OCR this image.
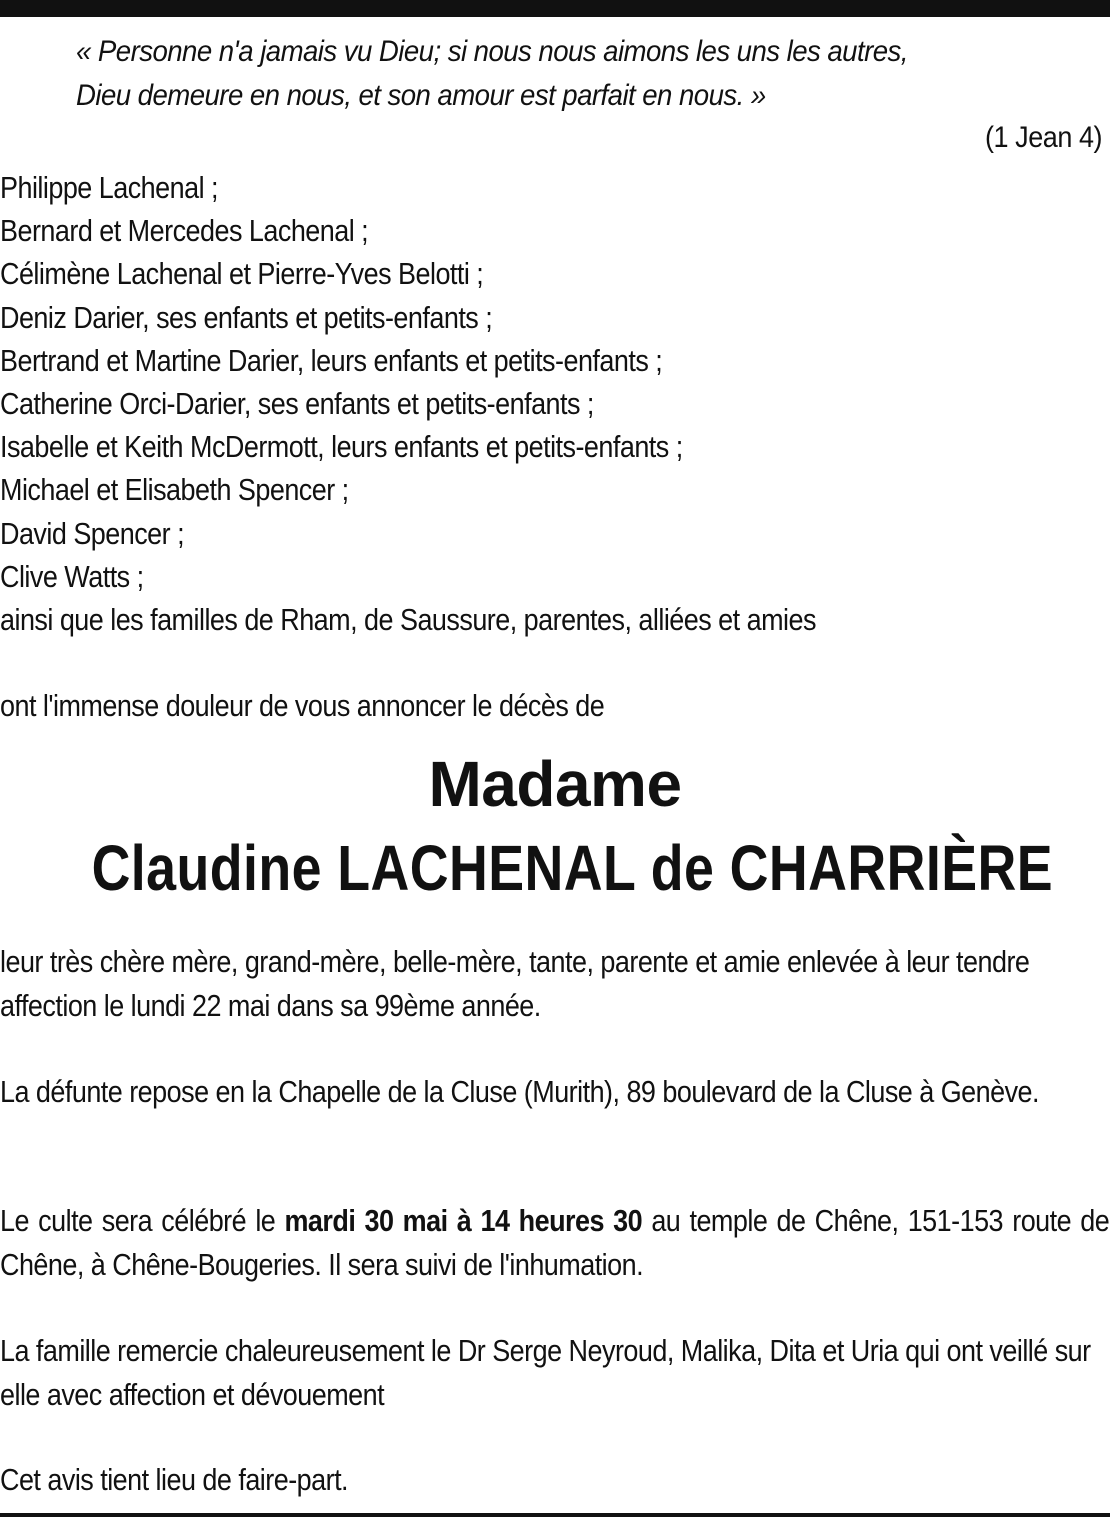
« Personne n'a jamais vu Dieu; si nous nous aimons les uns les autres,
Dieu demeure en nous, et son amour est parfait en nous. »
(1 Jean 4)
Philippe Lachenal ;
Bernard et Mercedes Lachenal ;
Célimène Lachenal et Pierre-Yves Belotti ;
Deniz Darier, ses enfants et petits-enfants ;
Bertrand et Martine Darier, leurs enfants et petits-enfants ;
Catherine Orci-Darier, ses enfants et petits-enfants ;
Isabelle et Keith McDermott, leurs enfants et petits-enfants ;
Michael et Elisabeth Spencer ;
David Spencer ;
Clive Watts ;
ainsi que les familles de Rham, de Saussure, parentes, alliées et amies
ont l'immense douleur de vous annoncer le décès de
Madame
Claudine LACHENAL de CHARRIÈRE
leur très chère mère, grand-mère, belle-mère, tante, parente et amie enlevée à leur tendre affection le lundi 22 mai dans sa 99ème année.
La défunte repose en la Chapelle de la Cluse (Murith), 89 boulevard de la Cluse à Genève.
Le culte sera célébré le mardi 30 mai à 14 heures 30 au temple de Chêne, 151-153 route de Chêne, à Chêne-Bougeries. Il sera suivi de l'inhumation.
La famille remercie chaleureusement le Dr Serge Neyroud, Malika, Dita et Uria qui ont veillé sur elle avec affection et dévouement
Cet avis tient lieu de faire-part.
